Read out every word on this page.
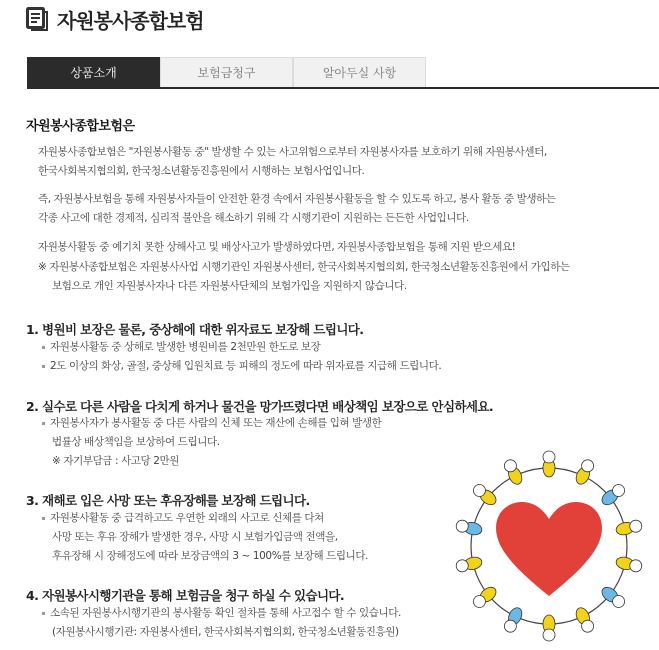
자원봉사종합보험
상품소개	보험금청구	알아두실 사항
자원봉사종합보험은
자원봉사종합보험은 "자원봉사활동 중" 발생할 수 있는 사고위험으로부터 자원봉사자를 보호하기 위해 자원봉사센터,
한국사회복지협의회, 한국청소년활동진흥원에서 시행하는 보험사업입니다.
즉, 자원봉사보험을 통해 자원봉사자들이 안전한 환경 속에서 자원봉사활동을 할 수 있도록 하고, 봉사 활동 중 발생하는
각종 사고에 대한 경제적, 심리적 불안을 해소하기 위해 각 시행기관이 지원하는 든든한 사업입니다.
자원봉사활동 중 예기치 못한 상해사고 및 배상사고가 발생하였다면, 자원봉사종합보험을 통해 지원 받으세요!
※ 자원봉사종합보험은 자원봉사사업 시행기관인 자원봉사센터, 한국사회복지협의회, 한국청소년활동진흥원에서 가입하는
보험으로 개인 자원봉사자나 다른 자원봉사단체의 보험가입을 지원하지 않습니다.
1. 병원비 보장은 물론, 중상해에 대한 위자료도 보장해 드립니다.
자원봉사활동 중 상해로 발생한 병원비를 2천만원 한도로 보장
2도 이상의 화상, 골절, 중상해 입원치료 등 피해의 정도에 따라 위자료를 지급해 드립니다.
2. 실수로 다른 사람을 다치게 하거나 물건을 망가뜨렸다면 배상책임 보장으로 안심하세요.
자원봉사자가 봉사활동 중 다른 사람의 신체 또는 재산에 손해를 입혀 발생한
법률상 배상책임을 보상하여 드립니다.
※ 자기부담금 : 사고당 2만원
3. 재해로 입은 사망 또는 후유장해를 보장해 드립니다.
자원봉사활동 중 급격하고도 우연한 외래의 사고로 신체를 다쳐
사망 또는 후유 장해가 발생한 경우, 사망 시 보험가입금액 전액을,
후유장해 시 장해정도에 따라 보장금액의 3 ~ 100%를 보장해 드립니다.
4. 자원봉사시행기관을 통해 보험금을 청구 하실 수 있습니다.
소속된 자원봉사시행기관의 봉사활동 확인 절차를 통해 사고접수 할 수 있습니다.
(자원봉사시행기관: 자원봉사센터, 한국사회복지협의회, 한국청소년활동진흥원)
